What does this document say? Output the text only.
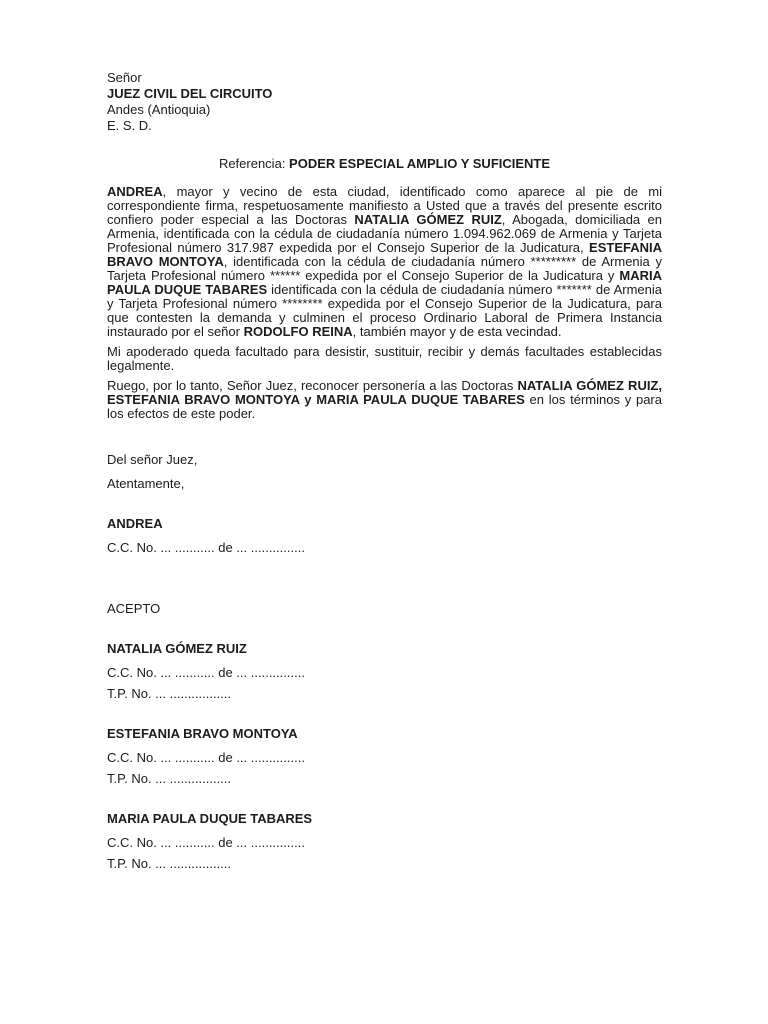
Señor
JUEZ CIVIL DEL CIRCUITO
Andes (Antioquia)
E. S. D.
Referencia: PODER ESPECIAL AMPLIO Y SUFICIENTE

ANDREA, mayor y vecino de esta ciudad, identificado como aparece al pie de mi correspondiente firma, respetuosamente manifiesto a Usted que a través del presente escrito confiero poder especial a las Doctoras NATALIA GÓMEZ RUIZ, Abogada, domiciliada en Armenia, identificada con la cédula de ciudadanía número 1.094.962.069 de Armenia y Tarjeta Profesional número 317.987 expedida por el Consejo Superior de la Judicatura, ESTEFANIA BRAVO MONTOYA, identificada con la cédula de ciudadanía número ********* de Armenia y Tarjeta Profesional número ****** expedida por el Consejo Superior de la Judicatura y MARIA PAULA DUQUE TABARES identificada con la cédula de ciudadanía número ******* de Armenia y Tarjeta Profesional número ******** expedida por el Consejo Superior de la Judicatura, para que contesten la demanda y culminen el proceso Ordinario Laboral de Primera Instancia instaurado por el señor RODOLFO REINA, también mayor y de esta vecindad.

Mi apoderado queda facultado para desistir, sustituir, recibir y demás facultades establecidas legalmente.

Ruego, por lo tanto, Señor Juez, reconocer personería a las Doctoras NATALIA GÓMEZ RUIZ, ESTEFANIA BRAVO MONTOYA y MARIA PAULA DUQUE TABARES en los términos y para los efectos de este poder.

Del señor Juez,
Atentamente,
ANDREA
C.C. No. ... ........... de ... ...............
ACEPTO
NATALIA GÓMEZ RUIZ
C.C. No. ... ........... de ... ...............
T.P. No. ... .................
ESTEFANIA BRAVO MONTOYA
C.C. No. ... ........... de ... ...............
T.P. No. ... .................
MARIA PAULA DUQUE TABARES
C.C. No. ... ........... de ... ...............
T.P. No. ... .................
